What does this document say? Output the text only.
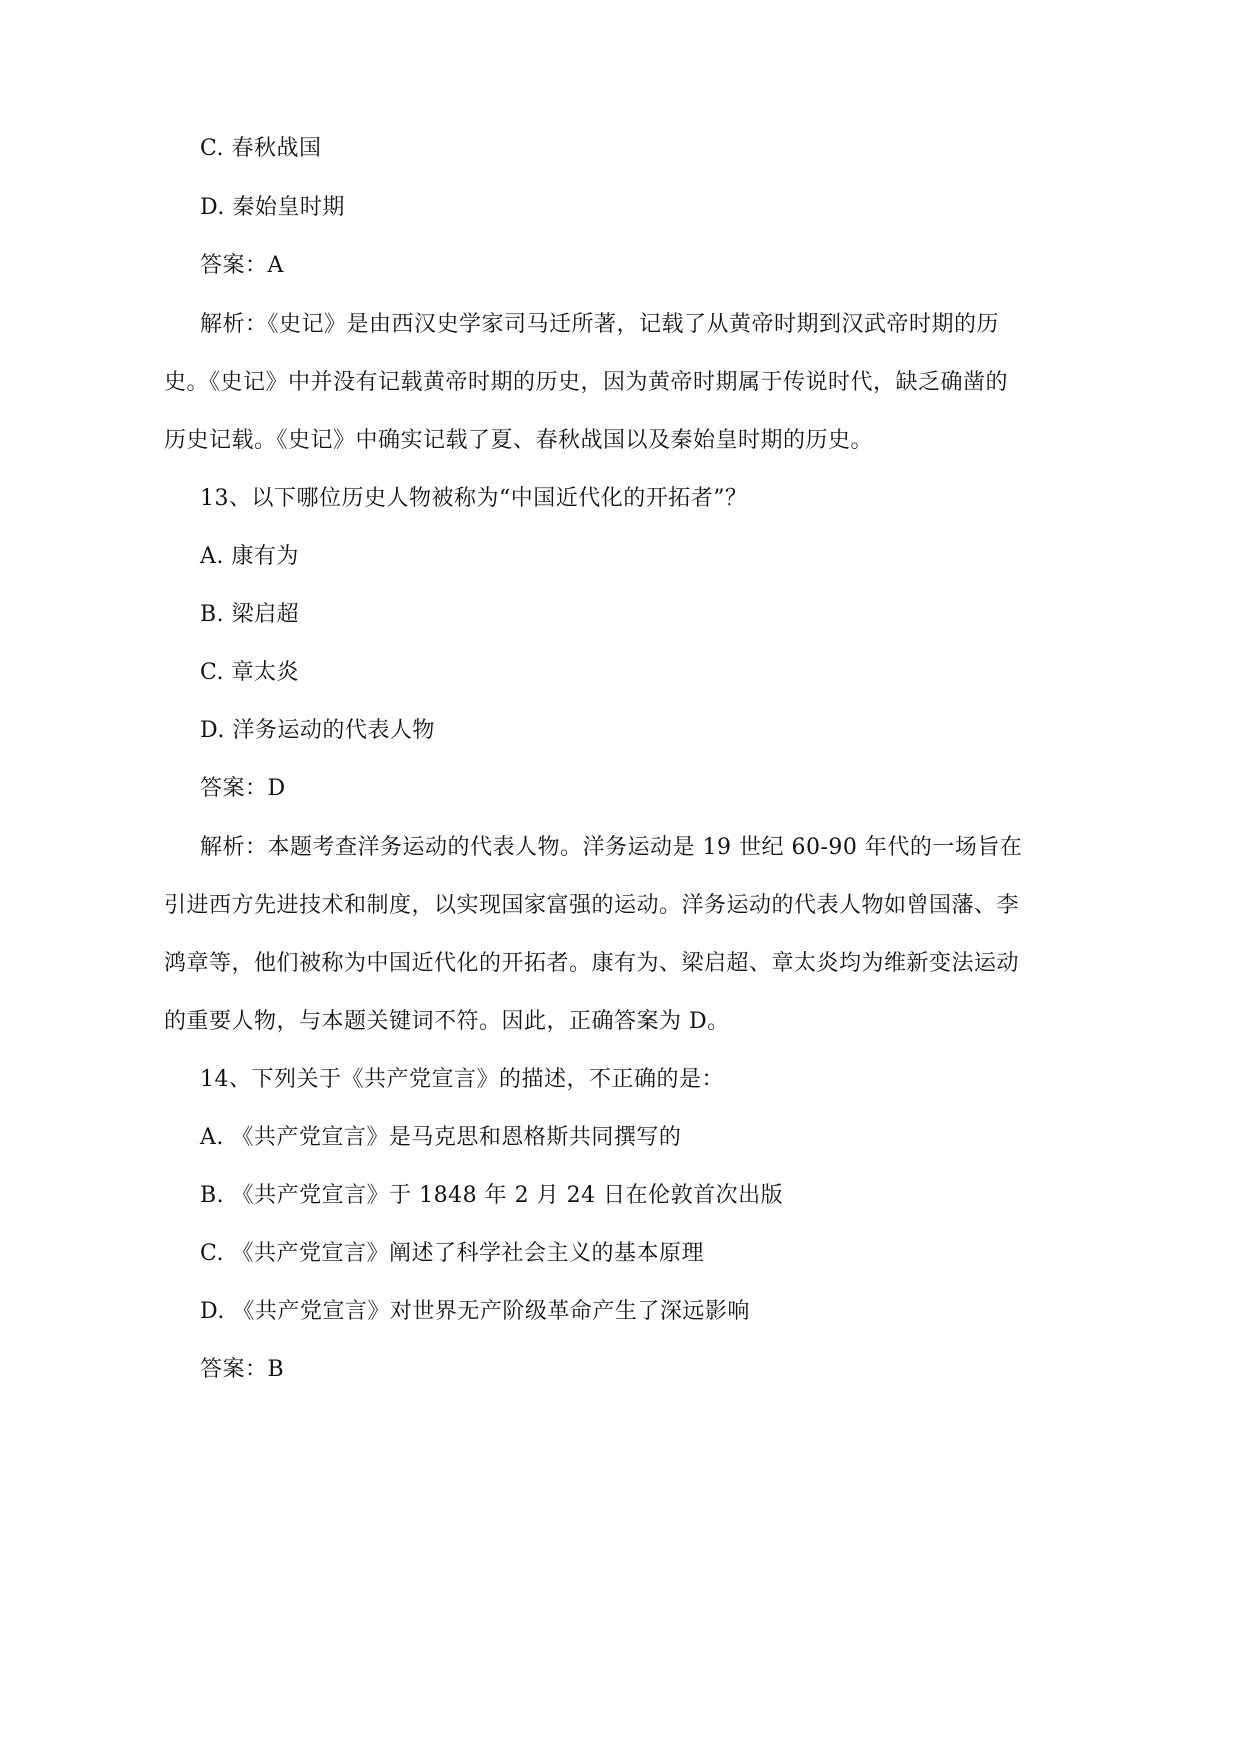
C. 春秋战国
D. 秦始皇时期
答案：A
解析：《史记》是由西汉史学家司马迁所著，记载了从黄帝时期到汉武帝时期的历
史。《史记》中并没有记载黄帝时期的历史，因为黄帝时期属于传说时代，缺乏确凿的
历史记载。《史记》中确实记载了夏、春秋战国以及秦始皇时期的历史。
13、以下哪位历史人物被称为“中国近代化的开拓者”？
A. 康有为
B. 梁启超
C. 章太炎
D. 洋务运动的代表人物
答案：D
解析：本题考查洋务运动的代表人物。洋务运动是 19 世纪 60-90 年代的一场旨在
引进西方先进技术和制度，以实现国家富强的运动。洋务运动的代表人物如曾国藩、李
鸿章等，他们被称为中国近代化的开拓者。康有为、梁启超、章太炎均为维新变法运动
的重要人物，与本题关键词不符。因此，正确答案为 D。
14、下列关于《共产党宣言》的描述，不正确的是：
A. 《共产党宣言》是马克思和恩格斯共同撰写的
B. 《共产党宣言》于 1848 年 2 月 24 日在伦敦首次出版
C. 《共产党宣言》阐述了科学社会主义的基本原理
D. 《共产党宣言》对世界无产阶级革命产生了深远影响
答案：B
